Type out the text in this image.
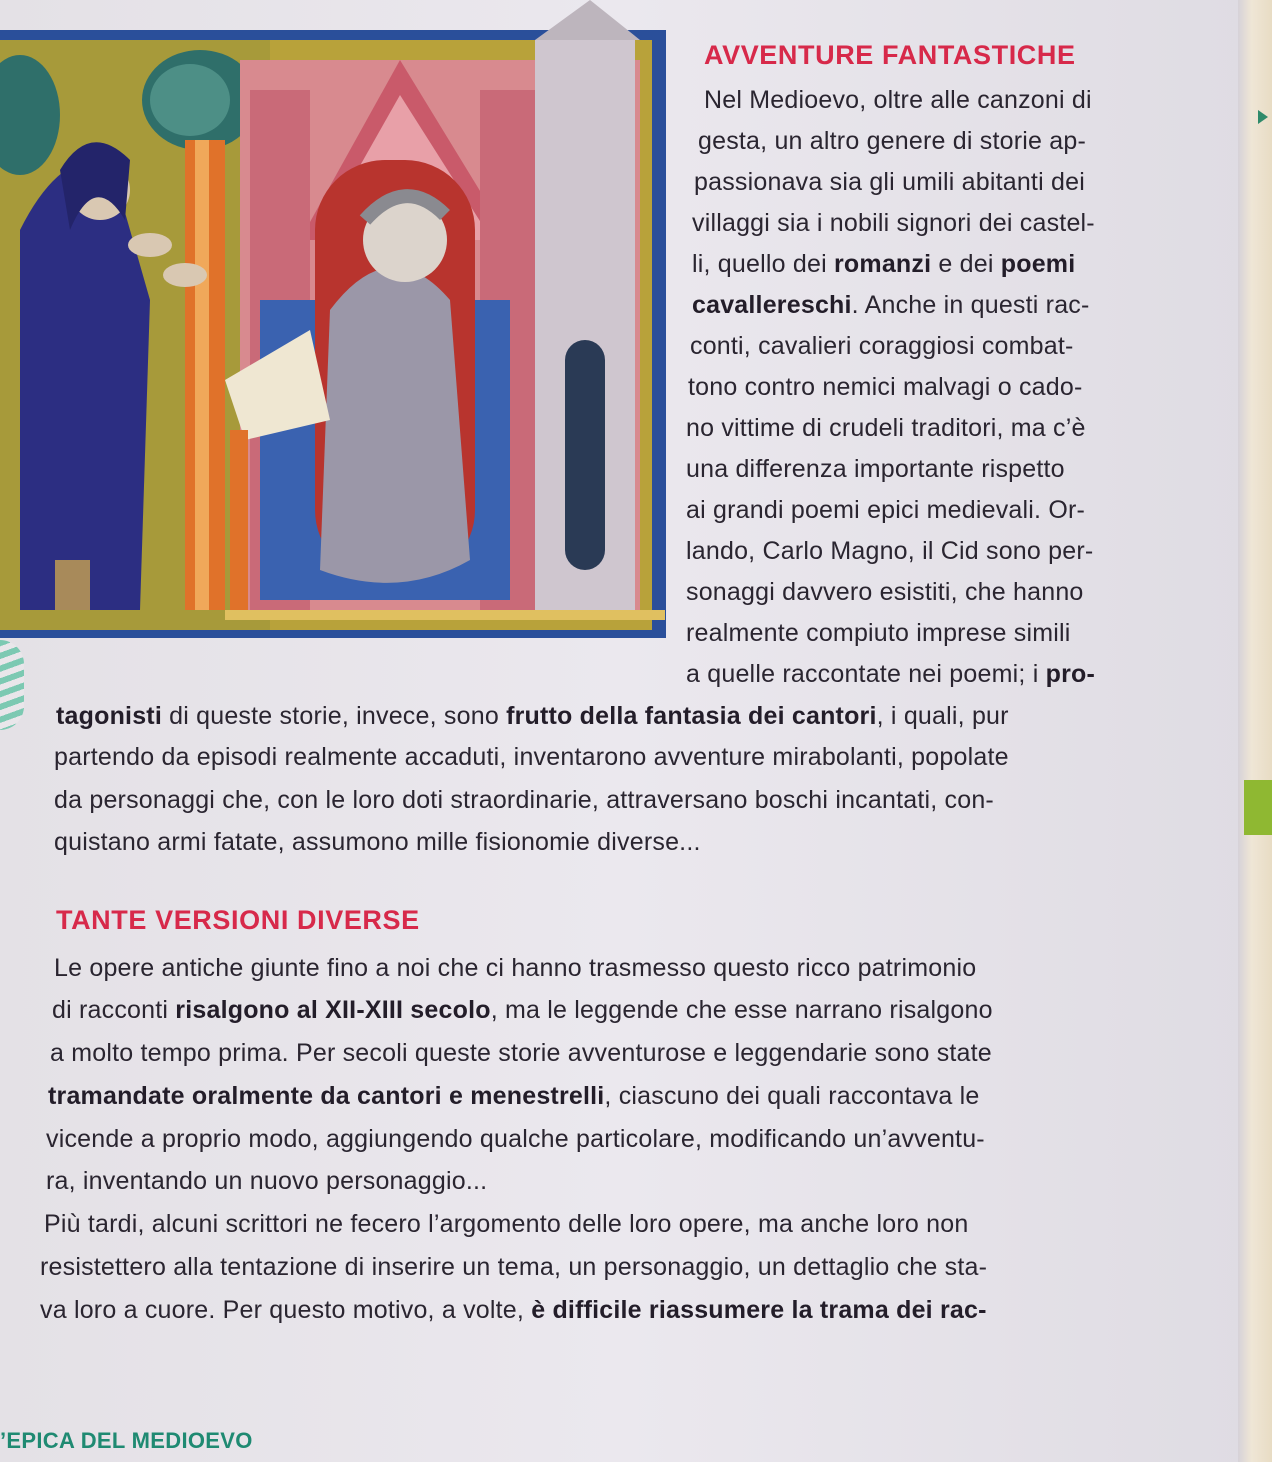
AVVENTURE FANTASTICHE
Nel Medioevo, oltre alle canzoni di
gesta, un altro genere di storie ap-
passionava sia gli umili abitanti dei
villaggi sia i nobili signori dei castel-
li, quello dei romanzi e dei poemi
cavallereschi. Anche in questi rac-
conti, cavalieri coraggiosi combat-
tono contro nemici malvagi o cado-
no vittime di crudeli traditori, ma c’è
una differenza importante rispetto
ai grandi poemi epici medievali. Or-
lando, Carlo Magno, il Cid sono per-
sonaggi davvero esistiti, che hanno
realmente compiuto imprese simili
a quelle raccontate nei poemi; i pro-
tagonisti di queste storie, invece, sono frutto della fantasia dei cantori, i quali, pur
partendo da episodi realmente accaduti, inventarono avventure mirabolanti, popolate
da personaggi che, con le loro doti straordinarie, attraversano boschi incantati, con-
quistano armi fatate, assumono mille fisionomie diverse...
TANTE VERSIONI DIVERSE
Le opere antiche giunte fino a noi che ci hanno trasmesso questo ricco patrimonio
di racconti risalgono al XII-XIII secolo, ma le leggende che esse narrano risalgono
a molto tempo prima. Per secoli queste storie avventurose e leggendarie sono state
tramandate oralmente da cantori e menestrelli, ciascuno dei quali raccontava le
vicende a proprio modo, aggiungendo qualche particolare, modificando un’avventu-
ra, inventando un nuovo personaggio...
Più tardi, alcuni scrittori ne fecero l’argomento delle loro opere, ma anche loro non
resistettero alla tentazione di inserire un tema, un personaggio, un dettaglio che sta-
va loro a cuore. Per questo motivo, a volte, è difficile riassumere la trama dei rac-
’EPICA DEL MEDIOEVO
